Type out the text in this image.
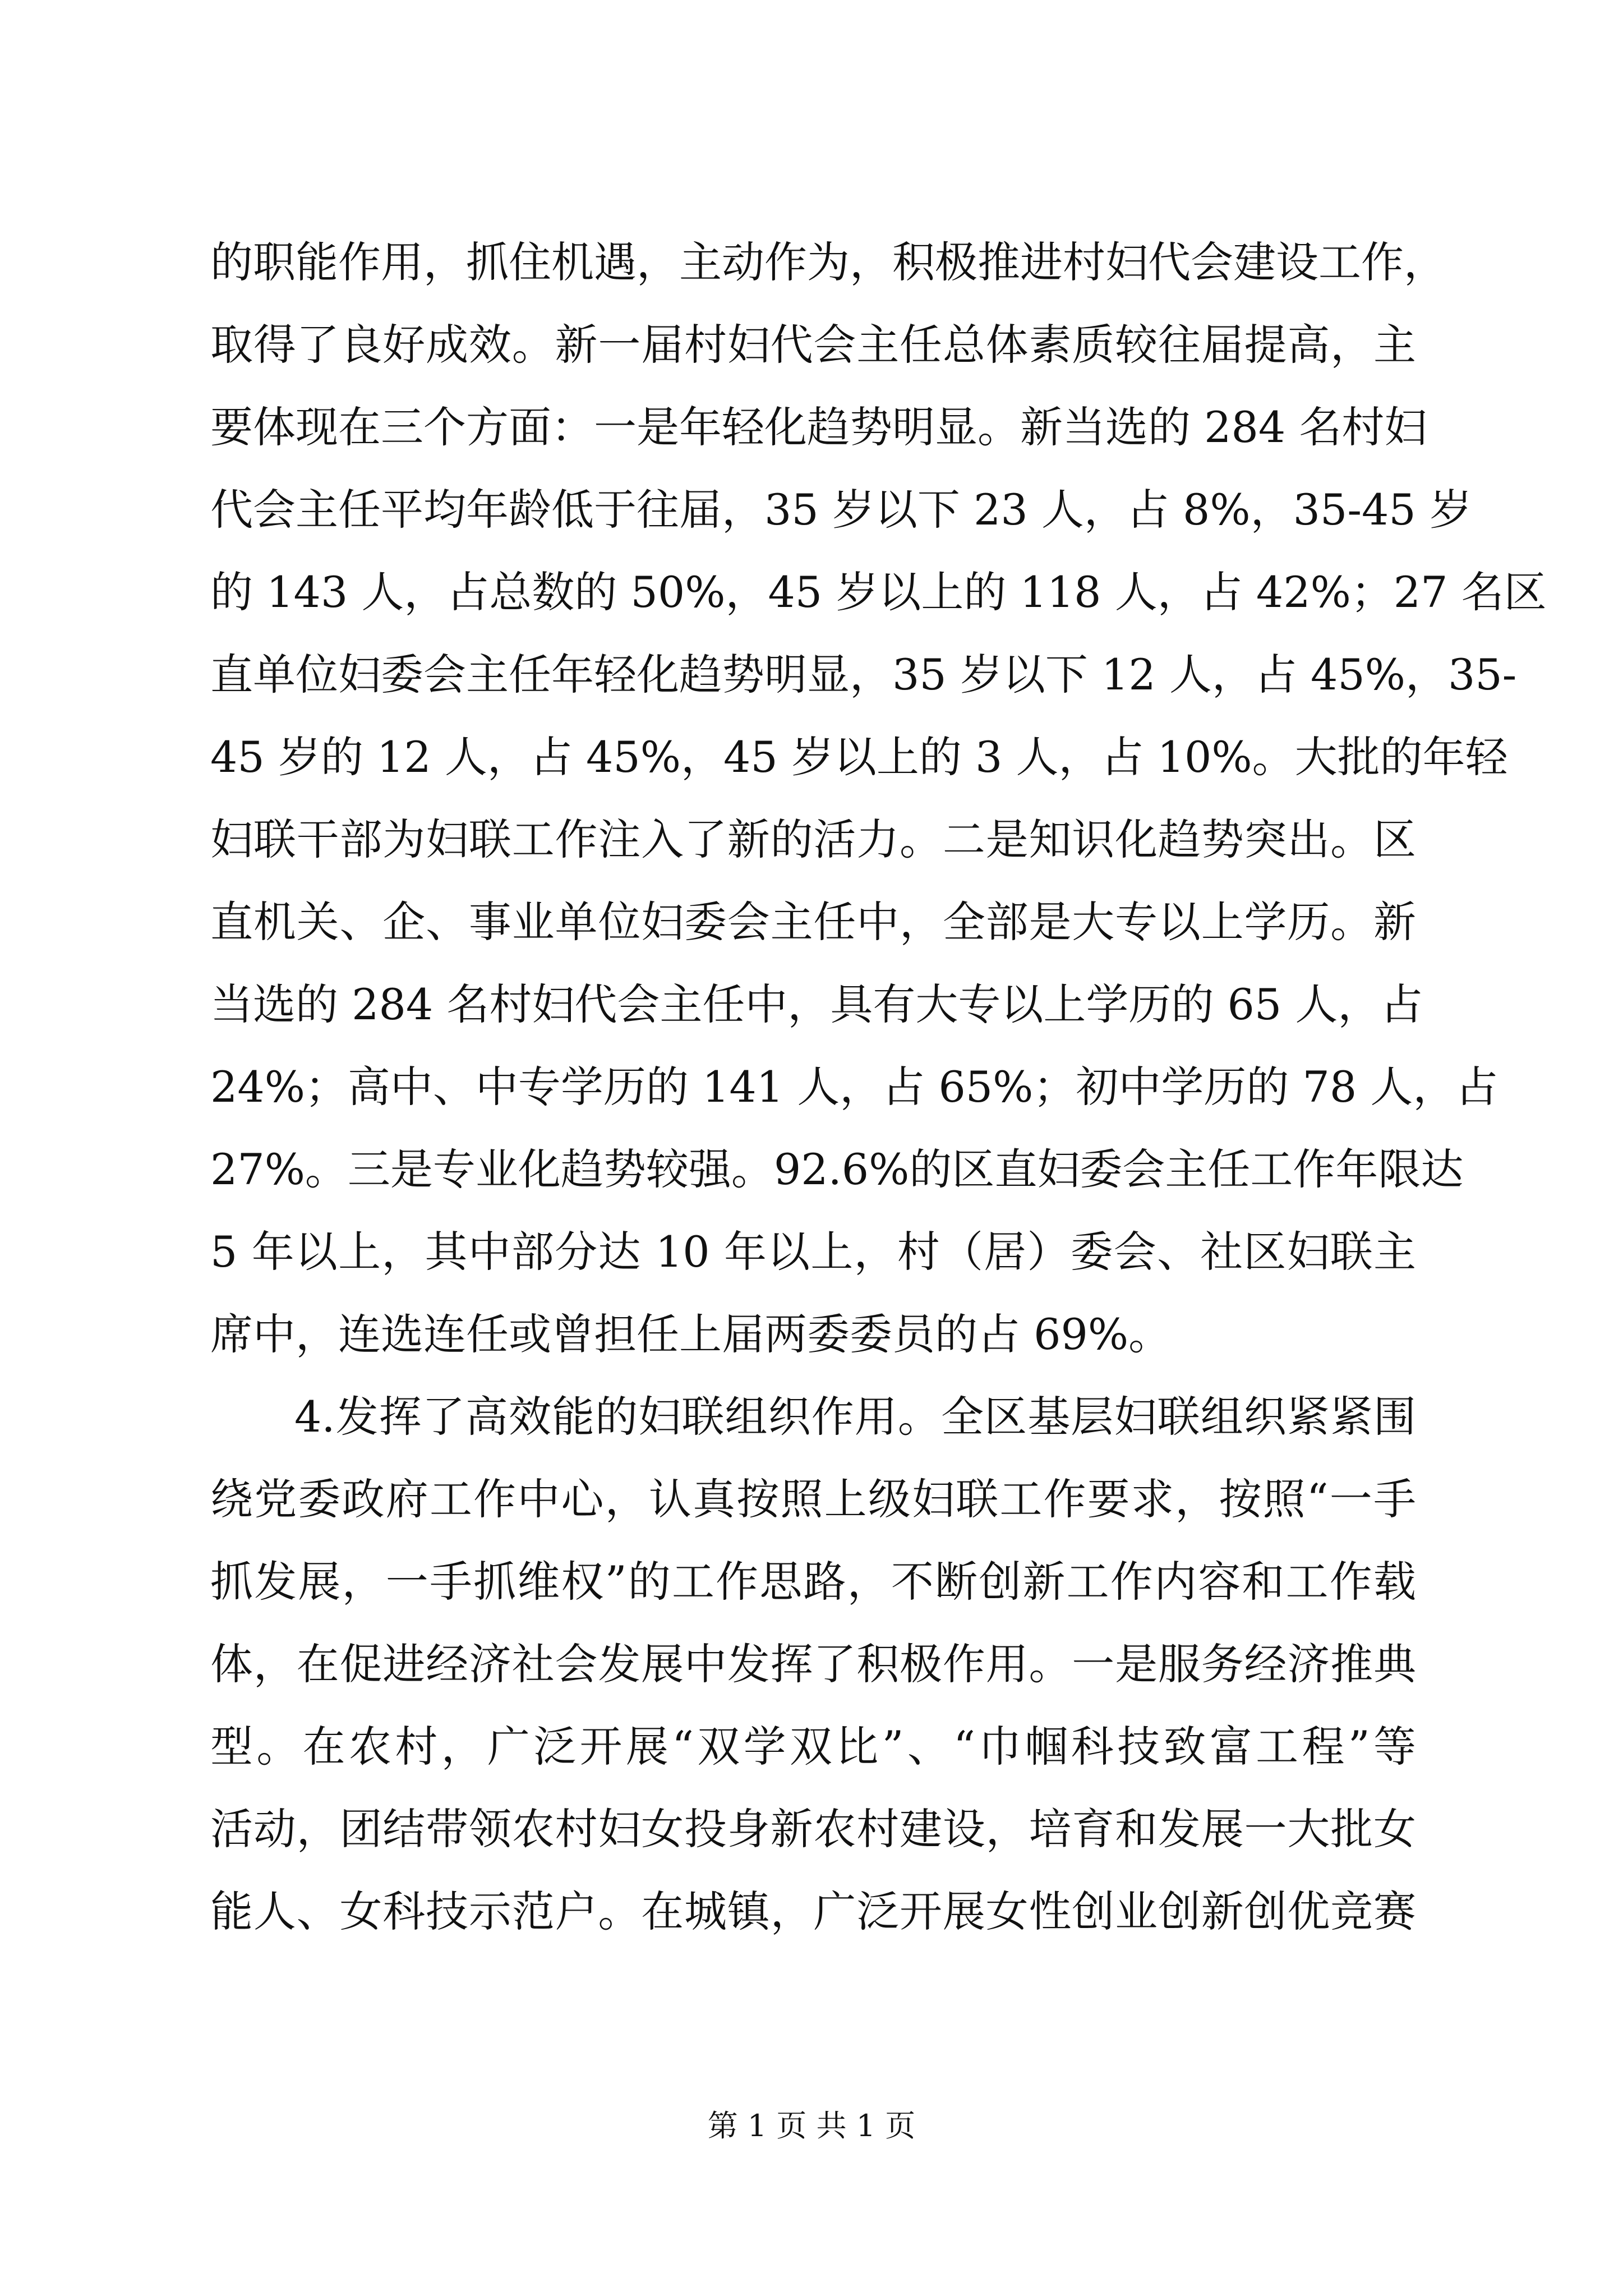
的职能作用，抓住机遇，主动作为，积极推进村妇代会建设工作，
取得了良好成效。新一届村妇代会主任总体素质较往届提高，主
要体现在三个方面：一是年轻化趋势明显。新当选的 284 名村妇
代会主任平均年龄低于往届，35 岁以下 23 人，占 8%，35-45 岁
的 143 人，占总数的 50%，45 岁以上的 118 人，占 42%；27 名区
直单位妇委会主任年轻化趋势明显，35 岁以下 12 人，占 45%，35-
45 岁的 12 人，占 45%，45 岁以上的 3 人，占 10%。大批的年轻
妇联干部为妇联工作注入了新的活力。二是知识化趋势突出。区
直机关、企、事业单位妇委会主任中，全部是大专以上学历。新
当选的 284 名村妇代会主任中，具有大专以上学历的 65 人，占
24%；高中、中专学历的 141 人，占 65%；初中学历的 78 人，占
27%。三是专业化趋势较强。92.6%的区直妇委会主任工作年限达
5 年以上，其中部分达 10 年以上，村（居）委会、社区妇联主
席中，连选连任或曾担任上届两委委员的占 69%。
4.发挥了高效能的妇联组织作用。全区基层妇联组织紧紧围
绕党委政府工作中心，认真按照上级妇联工作要求，按照“一手
抓发展，一手抓维权”的工作思路，不断创新工作内容和工作载
体，在促进经济社会发展中发挥了积极作用。一是服务经济推典
型。在农村，广泛开展“双学双比”、“巾帼科技致富工程”等
活动，团结带领农村妇女投身新农村建设，培育和发展一大批女
能人、女科技示范户。在城镇，广泛开展女性创业创新创优竞赛
第 1 页 共 1 页
